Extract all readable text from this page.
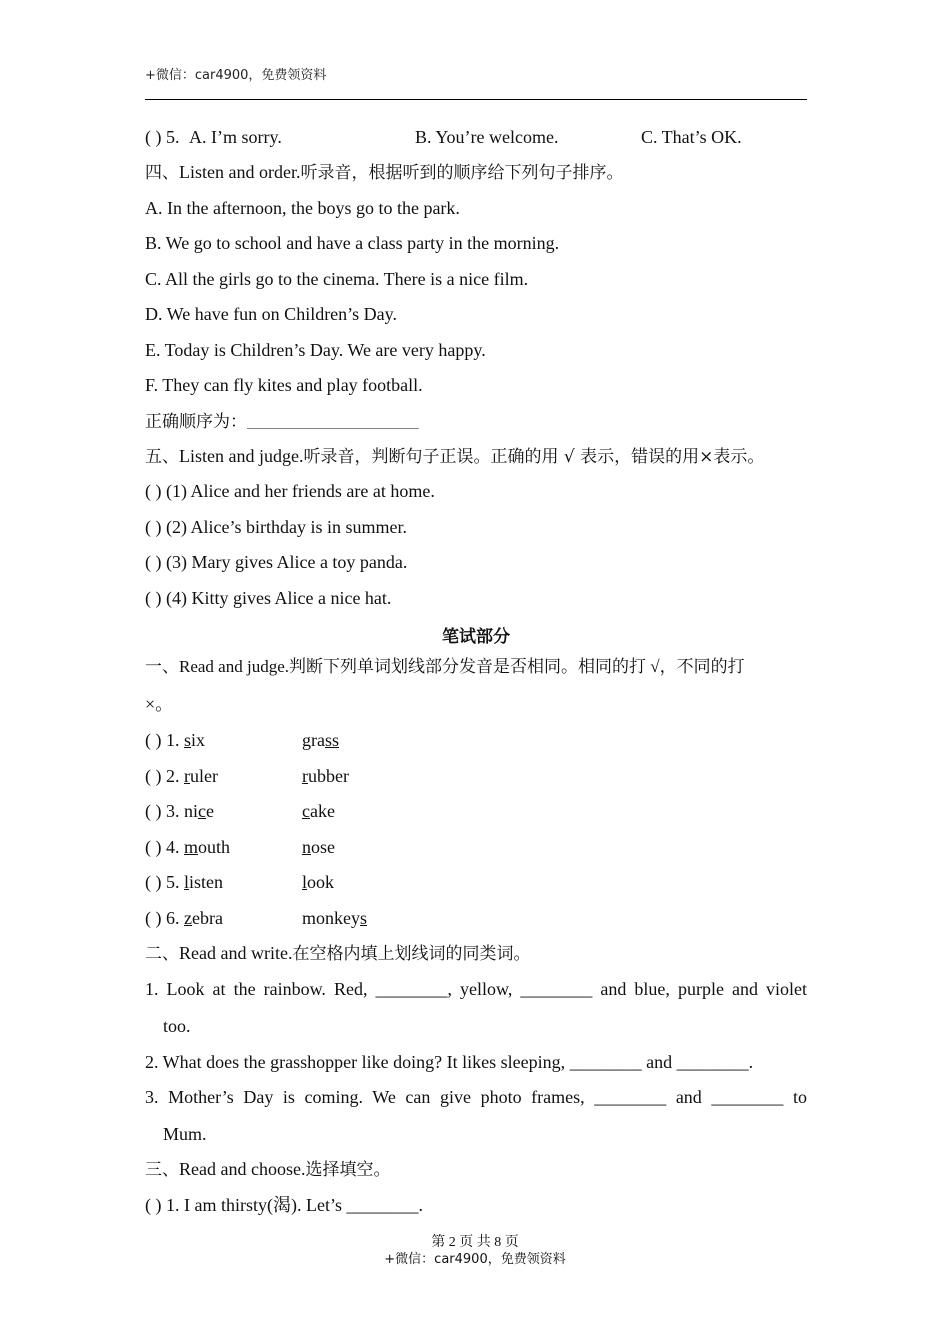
+微信：car4900，免费领资料
( ) 5. A. I’m sorry.	B. You’re welcome.	C. That’s OK.
四、Listen and order.听录音，根据听到的顺序给下列句子排序。
A. In the afternoon, the boys go to the park.
B. We go to school and have a class party in the morning.
C. All the girls go to the cinema. There is a nice film.
D. We have fun on Children’s Day.
E. Today is Children’s Day. We are very happy.
F. They can fly kites and play football.
正确顺序为：
五、Listen and judge.听录音，判断句子正误。正确的用 √ 表示，错误的用×表示。
( ) (1) Alice and her friends are at home.
( ) (2) Alice’s birthday is in summer.
( ) (3) Mary gives Alice a toy panda.
( ) (4) Kitty gives Alice a nice hat.
笔试部分
一、Read and judge.判断下列单词划线部分发音是否相同。相同的打 √，不同的打
×。
( ) 1. six	grass
( ) 2. ruler	rubber
( ) 3. nice	cake
( ) 4. mouth	nose
( ) 5. listen	look
( ) 6. zebra	monkeys
二、Read and write.在空格内填上划线词的同类词。
1. Look at the rainbow. Red, ________, yellow, ________ and blue, purple and violet
too.
2. What does the grasshopper like doing? It likes sleeping, ________ and ________.
3. Mother’s Day is coming. We can give photo frames, ________ and ________ to
Mum.
三、Read and choose.选择填空。
( ) 1. I am thirsty(渴). Let’s ________.
第 2 页 共 8 页
+微信：car4900，免费领资料
